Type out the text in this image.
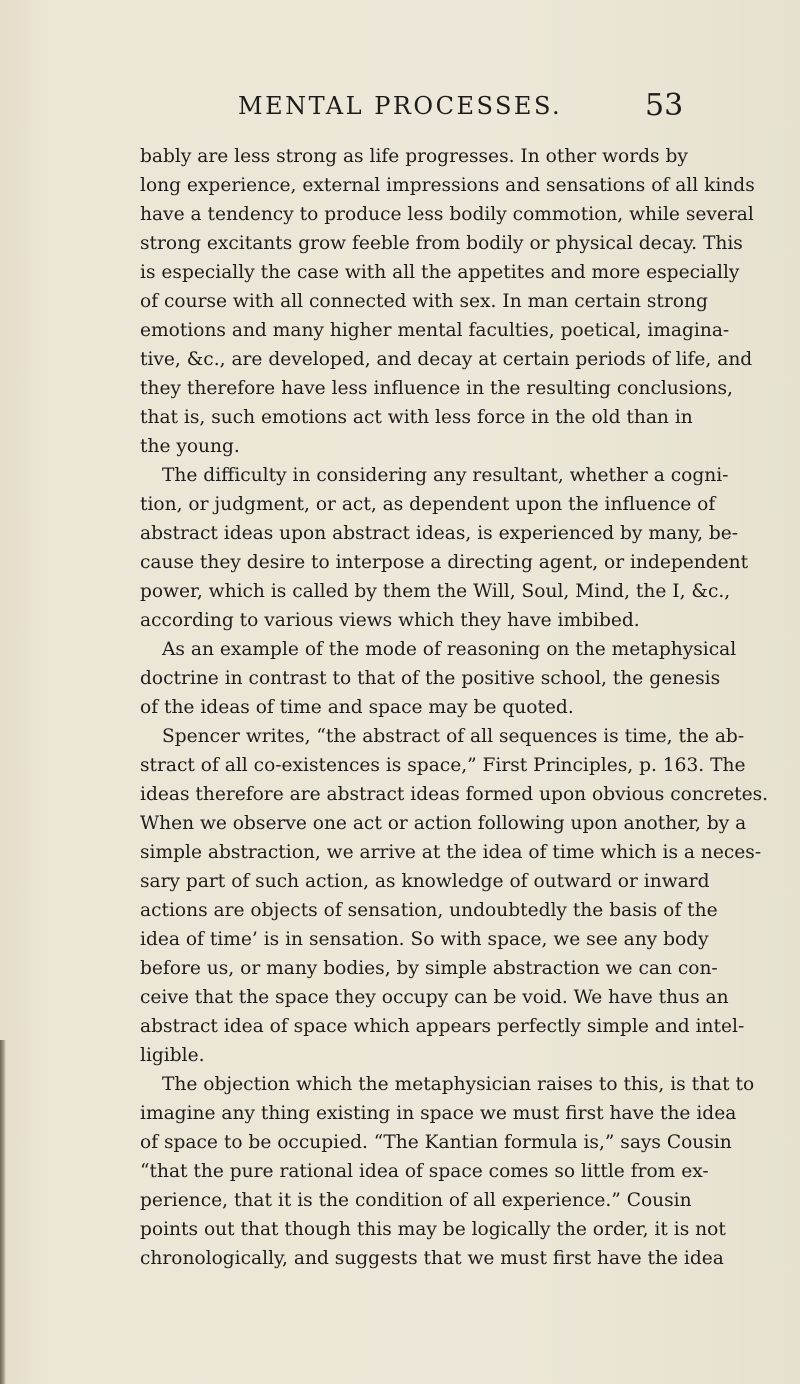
MENTAL PROCESSES.	53
bably are less strong as life progresses. In other words by
long experience, external impressions and sensations of all kinds
have a tendency to produce less bodily commotion, while several
strong excitants grow feeble from bodily or physical decay. This
is especially the case with all the appetites and more especially
of course with all connected with sex. In man certain strong
emotions and many higher mental faculties, poetical, imagina-
tive, &c., are developed, and decay at certain periods of life, and
they therefore have less influence in the resulting conclusions,
that is, such emotions act with less force in the old than in
the young.
The difficulty in considering any resultant, whether a cogni-
tion, or judgment, or act, as dependent upon the influence of
abstract ideas upon abstract ideas, is experienced by many, be-
cause they desire to interpose a directing agent, or independent
power, which is called by them the Will, Soul, Mind, the I, &c.,
according to various views which they have imbibed.
As an example of the mode of reasoning on the metaphysical
doctrine in contrast to that of the positive school, the genesis
of the ideas of time and space may be quoted.
Spencer writes, “the abstract of all sequences is time, the ab-
stract of all co-existences is space,” First Principles, p. 163. The
ideas therefore are abstract ideas formed upon obvious concretes.
When we observe one act or action following upon another, by a
simple abstraction, we arrive at the idea of time which is a neces-
sary part of such action, as knowledge of outward or inward
actions are objects of sensation, undoubtedly the basis of the
idea of time’ is in sensation. So with space, we see any body
before us, or many bodies, by simple abstraction we can con-
ceive that the space they occupy can be void. We have thus an
abstract idea of space which appears perfectly simple and intel-
ligible.
The objection which the metaphysician raises to this, is that to
imagine any thing existing in space we must first have the idea
of space to be occupied. “The Kantian formula is,” says Cousin
“that the pure rational idea of space comes so little from ex-
perience, that it is the condition of all experience.” Cousin
points out that though this may be logically the order, it is not
chronologically, and suggests that we must first have the idea
